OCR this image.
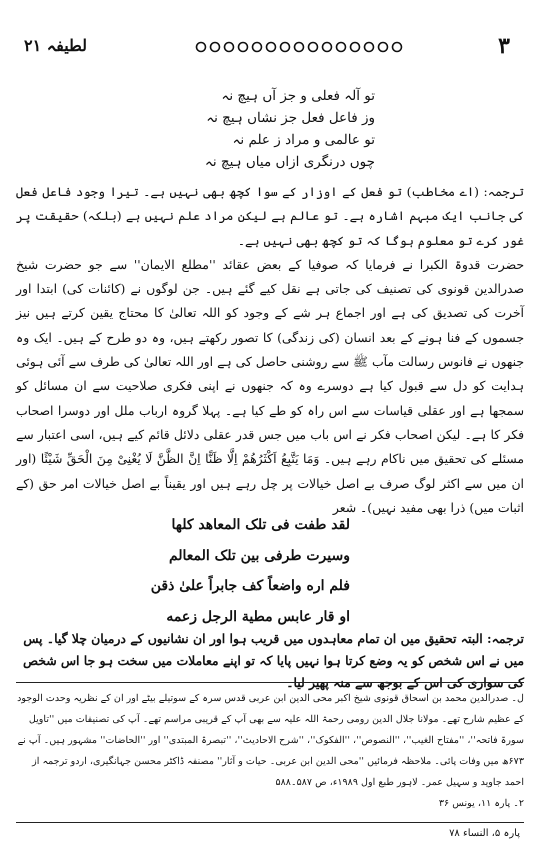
۳
لطیفہ ۲۱
تو آلہ فعلی و جز آں ہیچ نہ
وز فاعل فعل جز نشاں ہیچ نہ
تو عالمی و مراد ز علم نہ
چوں درنگری ازاں میاں ہیچ نہ

ترجمہ: (اے مخاطب) تو فعل کے اوزار کے سوا کچھ بھی نہیں ہے۔ تیرا وجود فاعل فعل کی جانب ایک مبہم اشارہ ہے۔ تو عالم ہے لیکن مراد علم نہیں ہے (بلکہ) حقیقت پر غور کرے تو معلوم ہوگا کہ تو کچھ بھی نہیں ہے۔

حضرت قدوۃ الکبرا نے فرمایا کہ صوفیا کے بعض عقائد ''مطلع الایمان'' سے جو حضرت شیخ صدرالدین قونوی کی تصنیف کی جاتی ہے نقل کیے گئے ہیں۔ جن لوگوں نے (کائنات کی) ابتدا اور آخرت کی تصدیق کی ہے اور اجماع ہر شے کے وجود کو اللہ تعالیٰ کا محتاج یقین کرتے ہیں نیز جسموں کے فنا ہونے کے بعد انسان (کی زندگی) کا تصور رکھتے ہیں، وہ دو طرح کے ہیں۔ ایک وہ جنھوں نے فانوس رسالت مآب ﷺ سے روشنی حاصل کی ہے اور اللہ تعالیٰ کی طرف سے آئی ہوئی ہدایت کو دل سے قبول کیا ہے دوسرے وہ کہ جنھوں نے اپنی فکری صلاحیت سے ان مسائل کو سمجھا ہے اور عقلی قیاسات سے اس راہ کو طے کیا ہے۔ پہلا گروہ ارباب ملل اور دوسرا اصحاب فکر کا ہے۔ لیکن اصحاب فکر نے اس باب میں جس قدر عقلی دلائل قائم کیے ہیں، اسی اعتبار سے مسئلے کی تحقیق میں ناکام رہے ہیں۔ وَمَا یَتَّبِعُ اَکْثَرُهُمْ اِلَّا ظَنًّا اِنَّ الظَّنَّ لَا یُغْنِیْ مِنَ الْحَقِّ شَیْئًا (اور ان میں سے اکثر لوگ صرف بے اصل خیالات پر چل رہے ہیں اور یقیناً بے اصل خیالات امر حق (کے اثبات میں) ذرا بھی مفید نہیں)۔ شعر

لقد طفت فی تلک المعاهد کلها
وسیرت طرفی بین تلک المعالم
فلم اره واضعاً کف جابراً علیٰ ذقن
او قار عابس مطیة الرجل زعمه
ترجمہ: البتہ تحقیق میں ان تمام معاہدوں میں قریب ہوا اور ان نشانیوں کے درمیان چلا گیا۔ پس میں نے اس شخص کو یہ وضع کرتا ہوا نہیں پایا کہ تو اپنے معاملات میں سخت ہو جا اس شخص کی سواری کی اس کے بوجھ سے منہ پھیر لیا۔

ل۔ صدرالدین محمد بن اسحاق قونوی شیخ اکبر محی الدین ابن عربی قدس سرہ کے سوتیلے بیٹے اور ان کے نظریہ وحدت الوجود کے عظیم شارح تھے۔ مولانا جلال الدین رومی رحمۃ اللہ علیہ سے بھی آپ کے قریبی مراسم تھے۔ آپ کی تصنیفات میں ''تاویل سورۃ فاتحہ''، ''مفتاح الغیب''، ''النصوص''، ''الفکوک''، ''شرح الاحادیث''، ''تبصرۃ المبتدی'' اور ''الحاضات'' مشہور ہیں۔ آپ نے ۶۷۳ھ میں وفات پائی۔ ملاحظہ فرمائیں ''محی الدین ابن عربی۔ حیات و آثار'' مصنفہ ڈاکٹر محسن جہانگیری، اردو ترجمہ از احمد جاوید و سہیل عمر۔ لاہور طبع اول ۱۹۸۹ء، ص ۵۸۷۔۵۸۸

۲۔ پارہ ۱۱، یونس ۳۶

پارہ ۵، النساء ۷۸
